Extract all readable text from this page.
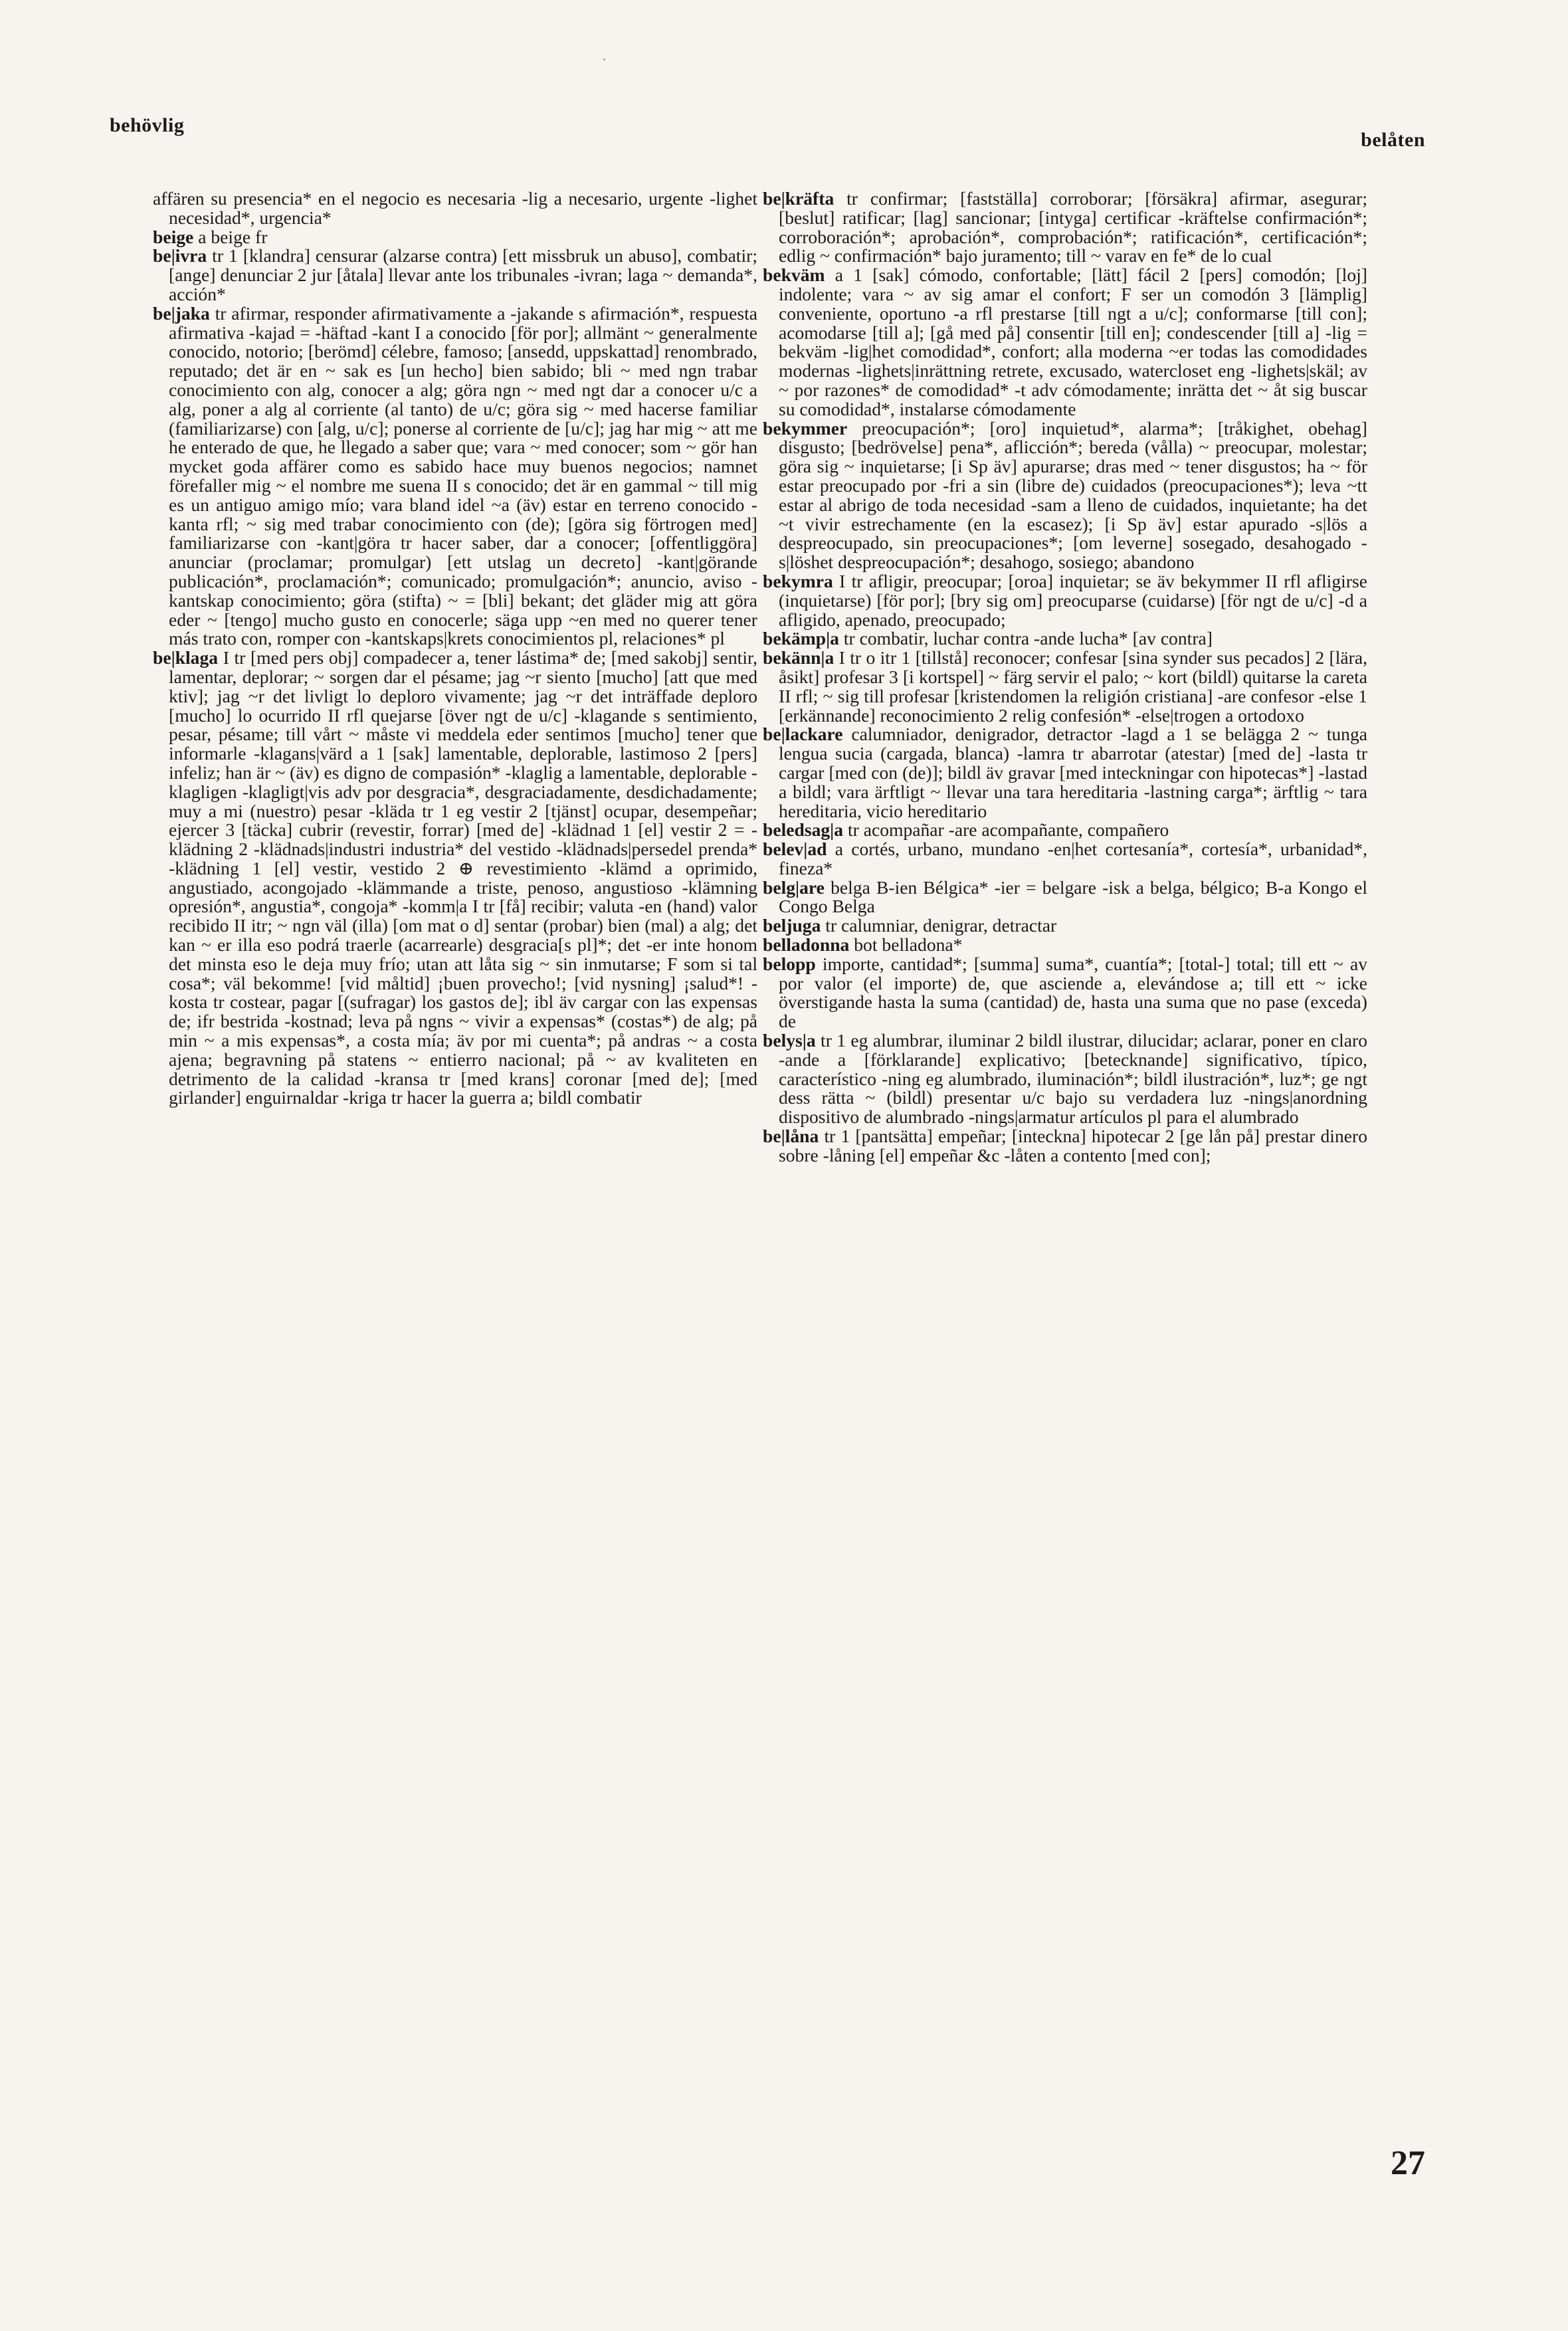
behövlig
belåten

affären su presencia* en el negocio es necesaria -lig a necesario, urgente -lighet necesidad*, urgencia*

beige a beige fr

be|ivra tr 1 [klandra] censurar (alzarse contra) [ett missbruk un abuso], combatir; [ange] denunciar 2 jur [åtala] llevar ante los tribunales -ivran; laga ~ demanda*, acción*

be|jaka tr afirmar, responder afirmativamente a -jakande s afirmación*, respuesta afirmativa -kajad = -häftad -kant I a conocido [för por]; allmänt ~ generalmente conocido, notorio; [berömd] célebre, famoso; [ansedd, uppskattad] renombrado, reputado; det är en ~ sak es [un hecho] bien sabido; bli ~ med ngn trabar conocimiento con alg, conocer a alg; göra ngn ~ med ngt dar a conocer u/c a alg, poner a alg al corriente (al tanto) de u/c; göra sig ~ med hacerse familiar (familiarizarse) con [alg, u/c]; ponerse al corriente de [u/c]; jag har mig ~ att me he enterado de que, he llegado a saber que; vara ~ med conocer; som ~ gör han mycket goda affärer como es sabido hace muy buenos negocios; namnet förefaller mig ~ el nombre me suena II s conocido; det är en gammal ~ till mig es un antiguo amigo mío; vara bland idel ~a (äv) estar en terreno conocido -kanta rfl; ~ sig med trabar conocimiento con (de); [göra sig förtrogen med] familiarizarse con -kant|göra tr hacer saber, dar a conocer; [offentliggöra] anunciar (proclamar; promulgar) [ett utslag un decreto] -kant|görande publicación*, proclamación*; comunicado; promulgación*; anuncio, aviso -kantskap conocimiento; göra (stifta) ~ = [bli] bekant; det gläder mig att göra eder ~ [tengo] mucho gusto en conocerle; säga upp ~en med no querer tener más trato con, romper con -kantskaps|krets conocimientos pl, relaciones* pl

be|klaga I tr [med pers obj] compadecer a, tener lástima* de; [med sakobj] sentir, lamentar, deplorar; ~ sorgen dar el pésame; jag ~r siento [mucho] [att que med ktiv]; jag ~r det livligt lo deploro vivamente; jag ~r det inträffade deploro [mucho] lo ocurrido II rfl quejarse [över ngt de u/c] -klagande s sentimiento, pesar, pésame; till vårt ~ måste vi meddela eder sentimos [mucho] tener que informarle -klagans|värd a 1 [sak] lamentable, deplorable, lastimoso 2 [pers] infeliz; han är ~ (äv) es digno de compasión* -klaglig a lamentable, deplorable -klagligen -klagligt|vis adv por desgracia*, desgraciadamente, desdichadamente; muy a mi (nuestro) pesar -kläda tr 1 eg vestir 2 [tjänst] ocupar, desempeñar; ejercer 3 [täcka] cubrir (revestir, forrar) [med de] -klädnad 1 [el] vestir 2 = -klädning 2 -klädnads|industri industria* del vestido -klädnads|persedel prenda* -klädning 1 [el] vestir, vestido 2 ⊕ revestimiento -klämd a oprimido, angustiado, acongojado -klämmande a triste, penoso, angustioso -klämning opresión*, angustia*, congoja* -komm|a I tr [få] recibir; valuta -en (hand) valor recibido II itr; ~ ngn väl (illa) [om mat o d] sentar (probar) bien (mal) a alg; det kan ~ er illa eso podrá traerle (acarrearle) desgracia[s pl]*; det -er inte honom det minsta eso le deja muy frío; utan att låta sig ~ sin inmutarse; F som si tal cosa*; väl bekomme! [vid måltid] ¡buen provecho!; [vid nysning] ¡salud*! -kosta tr costear, pagar [(sufragar) los gastos de]; ibl äv cargar con las expensas de; ifr bestrida -kostnad; leva på ngns ~ vivir a expensas* (costas*) de alg; på min ~ a mis expensas*, a costa mía; äv por mi cuenta*; på andras ~ a costa ajena; begravning på statens ~ entierro nacional; på ~ av kvaliteten en detrimento de la calidad -kransa tr [med krans] coronar [med de]; [med girlander] enguirnaldar -kriga tr hacer la guerra a; bildl combatir

be|kräfta tr confirmar; [fastställa] corroborar; [försäkra] afirmar, asegurar; [beslut] ratificar; [lag] sancionar; [intyga] certificar -kräftelse confirmación*; corroboración*; aprobación*, comprobación*; ratificación*, certificación*; edlig ~ confirmación* bajo juramento; till ~ varav en fe* de lo cual

bekväm a 1 [sak] cómodo, confortable; [lätt] fácil 2 [pers] comodón; [loj] indolente; vara ~ av sig amar el confort; F ser un comodón 3 [lämplig] conveniente, oportuno -a rfl prestarse [till ngt a u/c]; conformarse [till con]; acomodarse [till a]; [gå med på] consentir [till en]; condescender [till a] -lig = bekväm -lig|het comodidad*, confort; alla moderna ~er todas las comodidades modernas -lighets|inrättning retrete, excusado, watercloset eng -lighets|skäl; av ~ por razones* de comodidad* -t adv cómodamente; inrätta det ~ åt sig buscar su comodidad*, instalarse cómodamente

bekymmer preocupación*; [oro] inquietud*, alarma*; [tråkighet, obehag] disgusto; [bedrövelse] pena*, aflicción*; bereda (vålla) ~ preocupar, molestar; göra sig ~ inquietarse; [i Sp äv] apurarse; dras med ~ tener disgustos; ha ~ för estar preocupado por -fri a sin (libre de) cuidados (preocupaciones*); leva ~tt estar al abrigo de toda necesidad -sam a lleno de cuidados, inquietante; ha det ~t vivir estrechamente (en la escasez); [i Sp äv] estar apurado -s|lös a despreocupado, sin preocupaciones*; [om leverne] sosegado, desahogado -s|löshet despreocupación*; desahogo, sosiego; abandono

bekymra I tr afligir, preocupar; [oroa] inquietar; se äv bekymmer II rfl afligirse (inquietarse) [för por]; [bry sig om] preocuparse (cuidarse) [för ngt de u/c] -d a afligido, apenado, preocupado;

bekämp|a tr combatir, luchar contra -ande lucha* [av contra]

bekänn|a I tr o itr 1 [tillstå] reconocer; confesar [sina synder sus pecados] 2 [lära, åsikt] profesar 3 [i kortspel] ~ färg servir el palo; ~ kort (bildl) quitarse la careta II rfl; ~ sig till profesar [kristendomen la religión cristiana] -are confesor -else 1 [erkännande] reconocimiento 2 relig confesión* -else|trogen a ortodoxo

be|lackare calumniador, denigrador, detractor -lagd a 1 se belägga 2 ~ tunga lengua sucia (cargada, blanca) -lamra tr abarrotar (atestar) [med de] -lasta tr cargar [med con (de)]; bildl äv gravar [med inteckningar con hipotecas*] -lastad a bildl; vara ärftligt ~ llevar una tara hereditaria -lastning carga*; ärftlig ~ tara hereditaria, vicio hereditario

beledsag|a tr acompañar -are acompañante, compañero

belev|ad a cortés, urbano, mundano -en|het cortesanía*, cortesía*, urbanidad*, fineza*

belg|are belga B-ien Bélgica* -ier = belgare -isk a belga, bélgico; B-a Kongo el Congo Belga

beljuga tr calumniar, denigrar, detractar

belladonna bot belladona*

belopp importe, cantidad*; [summa] suma*, cuantía*; [total-] total; till ett ~ av por valor (el importe) de, que asciende a, elevándose a; till ett ~ icke överstigande hasta la suma (cantidad) de, hasta una suma que no pase (exceda) de

belys|a tr 1 eg alumbrar, iluminar 2 bildl ilustrar, dilucidar; aclarar, poner en claro -ande a [förklarande] explicativo; [betecknande] significativo, típico, característico -ning eg alumbrado, iluminación*; bildl ilustración*, luz*; ge ngt dess rätta ~ (bildl) presentar u/c bajo su verdadera luz -nings|anordning dispositivo de alumbrado -nings|armatur artículos pl para el alumbrado

be|låna tr 1 [pantsätta] empeñar; [inteckna] hipotecar 2 [ge lån på] prestar dinero sobre -låning [el] empeñar &c -låten a contento [med con];

27
